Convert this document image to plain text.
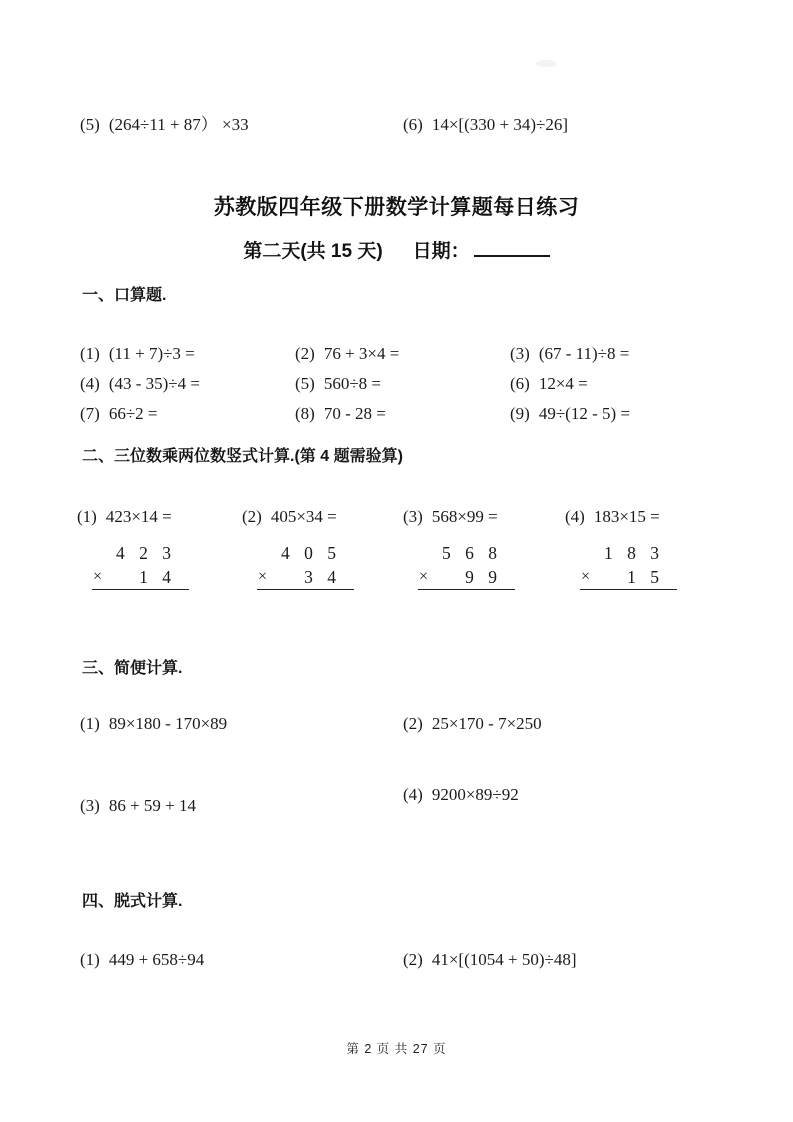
(5) (264÷11 + 87） ×33	(6) 14×[(330 + 34)÷26]
苏教版四年级下册数学计算题每日练习
第二天(共 15 天) 日期：
一、口算题.
(1) (11 + 7)÷3 =	(2) 76 + 3×4 =	(3) (67 - 11)÷8 =
(4) (43 - 35)÷4 =	(5) 560÷8 =	(6) 12×4 =
(7) 66÷2 =	(8) 70 - 28 =	(9) 49÷(12 - 5) =
二、三位数乘两位数竖式计算.(第 4 题需验算)
(1) 423×14 =
4 2 3
× 1 4
(2) 405×34 =
4 0 5
× 3 4
(3) 568×99 =
5 6 8
× 9 9
(4) 183×15 =
1 8 3
× 1 5
三、简便计算.
(1) 89×180 - 170×89	(2) 25×170 - 7×250
(3) 86 + 59 + 14
(4) 9200×89÷92
四、脱式计算.
(1) 449 + 658÷94	(2) 41×[(1054 + 50)÷48]
第 2 页 共 27 页
